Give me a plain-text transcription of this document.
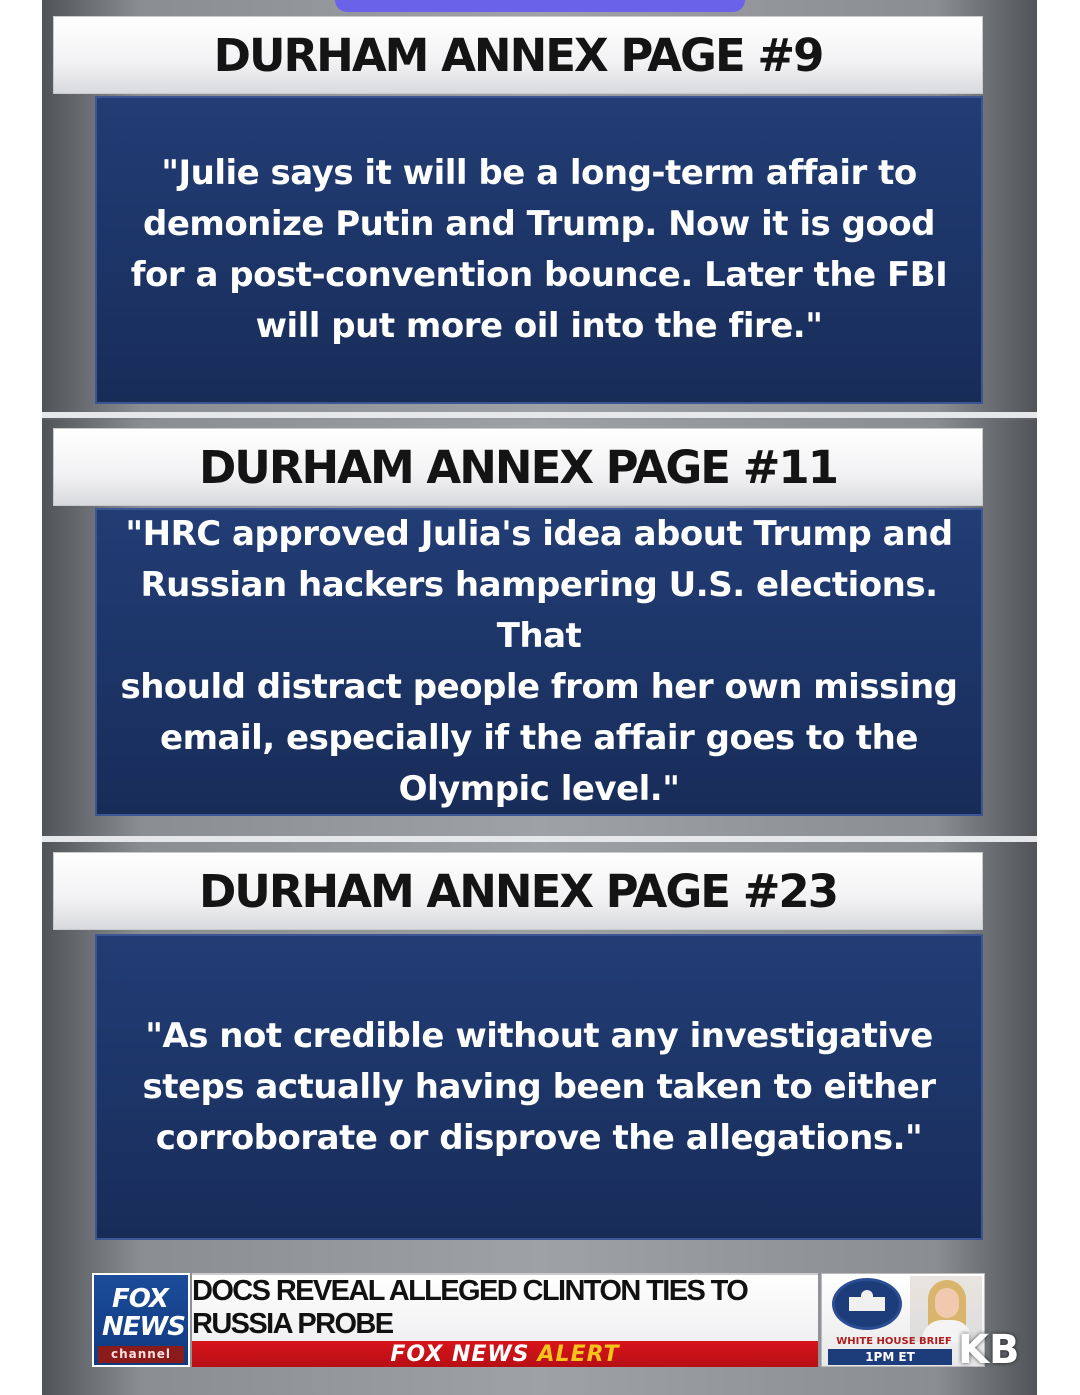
DURHAM ANNEX PAGE #9
"Julie says it will be a long-term affair to
demonize Putin and Trump. Now it is good
for a post-convention bounce. Later the FBI
will put more oil into the fire."
DURHAM ANNEX PAGE #11
"HRC approved Julia's idea about Trump and
Russian hackers hampering U.S. elections. That
should distract people from her own missing
email, especially if the affair goes to the
Olympic level."
DURHAM ANNEX PAGE #23
"As not credible without any investigative
steps actually having been taken to either
corroborate or disprove the allegations."
FOX
NEWS
channel
DOCS REVEAL ALLEGED CLINTON TIES TO RUSSIA PROBE
FOX NEWS ALERT	WHITE HOUSE BRIEF
1PM ET	KB
